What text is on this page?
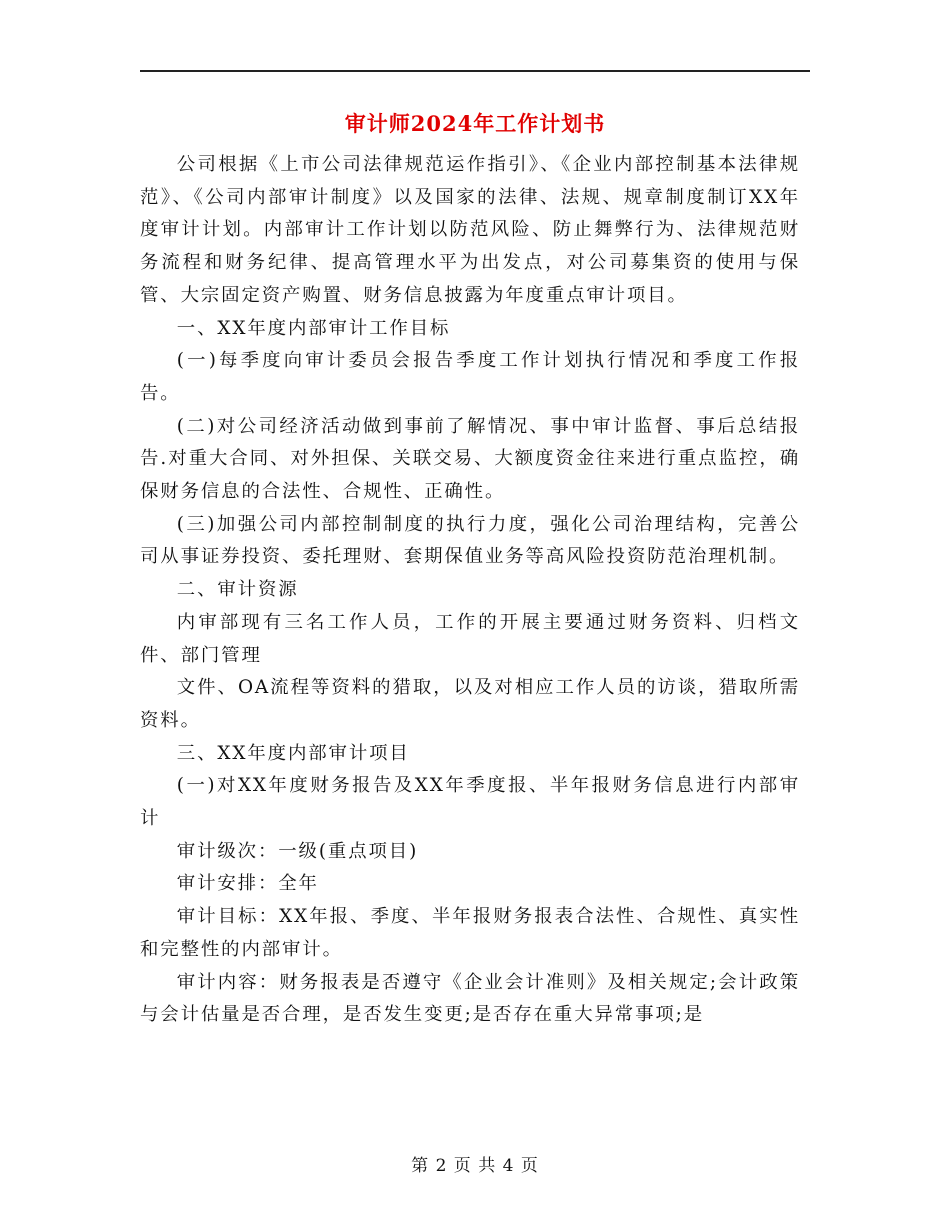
审计师2024年工作计划书

公司根据《上市公司法律规范运作指引》、《企业内部控制基本法律规范》、《公司内部审计制度》以及国家的法律、法规、规章制度制订XX年度审计计划。内部审计工作计划以防范风险、防止舞弊行为、法律规范财务流程和财务纪律、提高管理水平为出发点，对公司募集资的使用与保管、大宗固定资产购置、财务信息披露为年度重点审计项目。

一、XX年度内部审计工作目标

(一)每季度向审计委员会报告季度工作计划执行情况和季度工作报告。

(二)对公司经济活动做到事前了解情况、事中审计监督、事后总结报告.对重大合同、对外担保、关联交易、大额度资金往来进行重点监控，确保财务信息的合法性、合规性、正确性。

(三)加强公司内部控制制度的执行力度，强化公司治理结构，完善公司从事证券投资、委托理财、套期保值业务等高风险投资防范治理机制。

二、审计资源

内审部现有三名工作人员，工作的开展主要通过财务资料、归档文件、部门管理

文件、OA流程等资料的猎取，以及对相应工作人员的访谈，猎取所需资料。

三、XX年度内部审计项目

(一)对XX年度财务报告及XX年季度报、半年报财务信息进行内部审计

审计级次：一级(重点项目)

审计安排：全年

审计目标：XX年报、季度、半年报财务报表合法性、合规性、真实性和完整性的内部审计。

审计内容：财务报表是否遵守《企业会计准则》及相关规定;会计政策与会计估量是否合理，是否发生变更;是否存在重大异常事项;是

第 2 页 共 4 页
